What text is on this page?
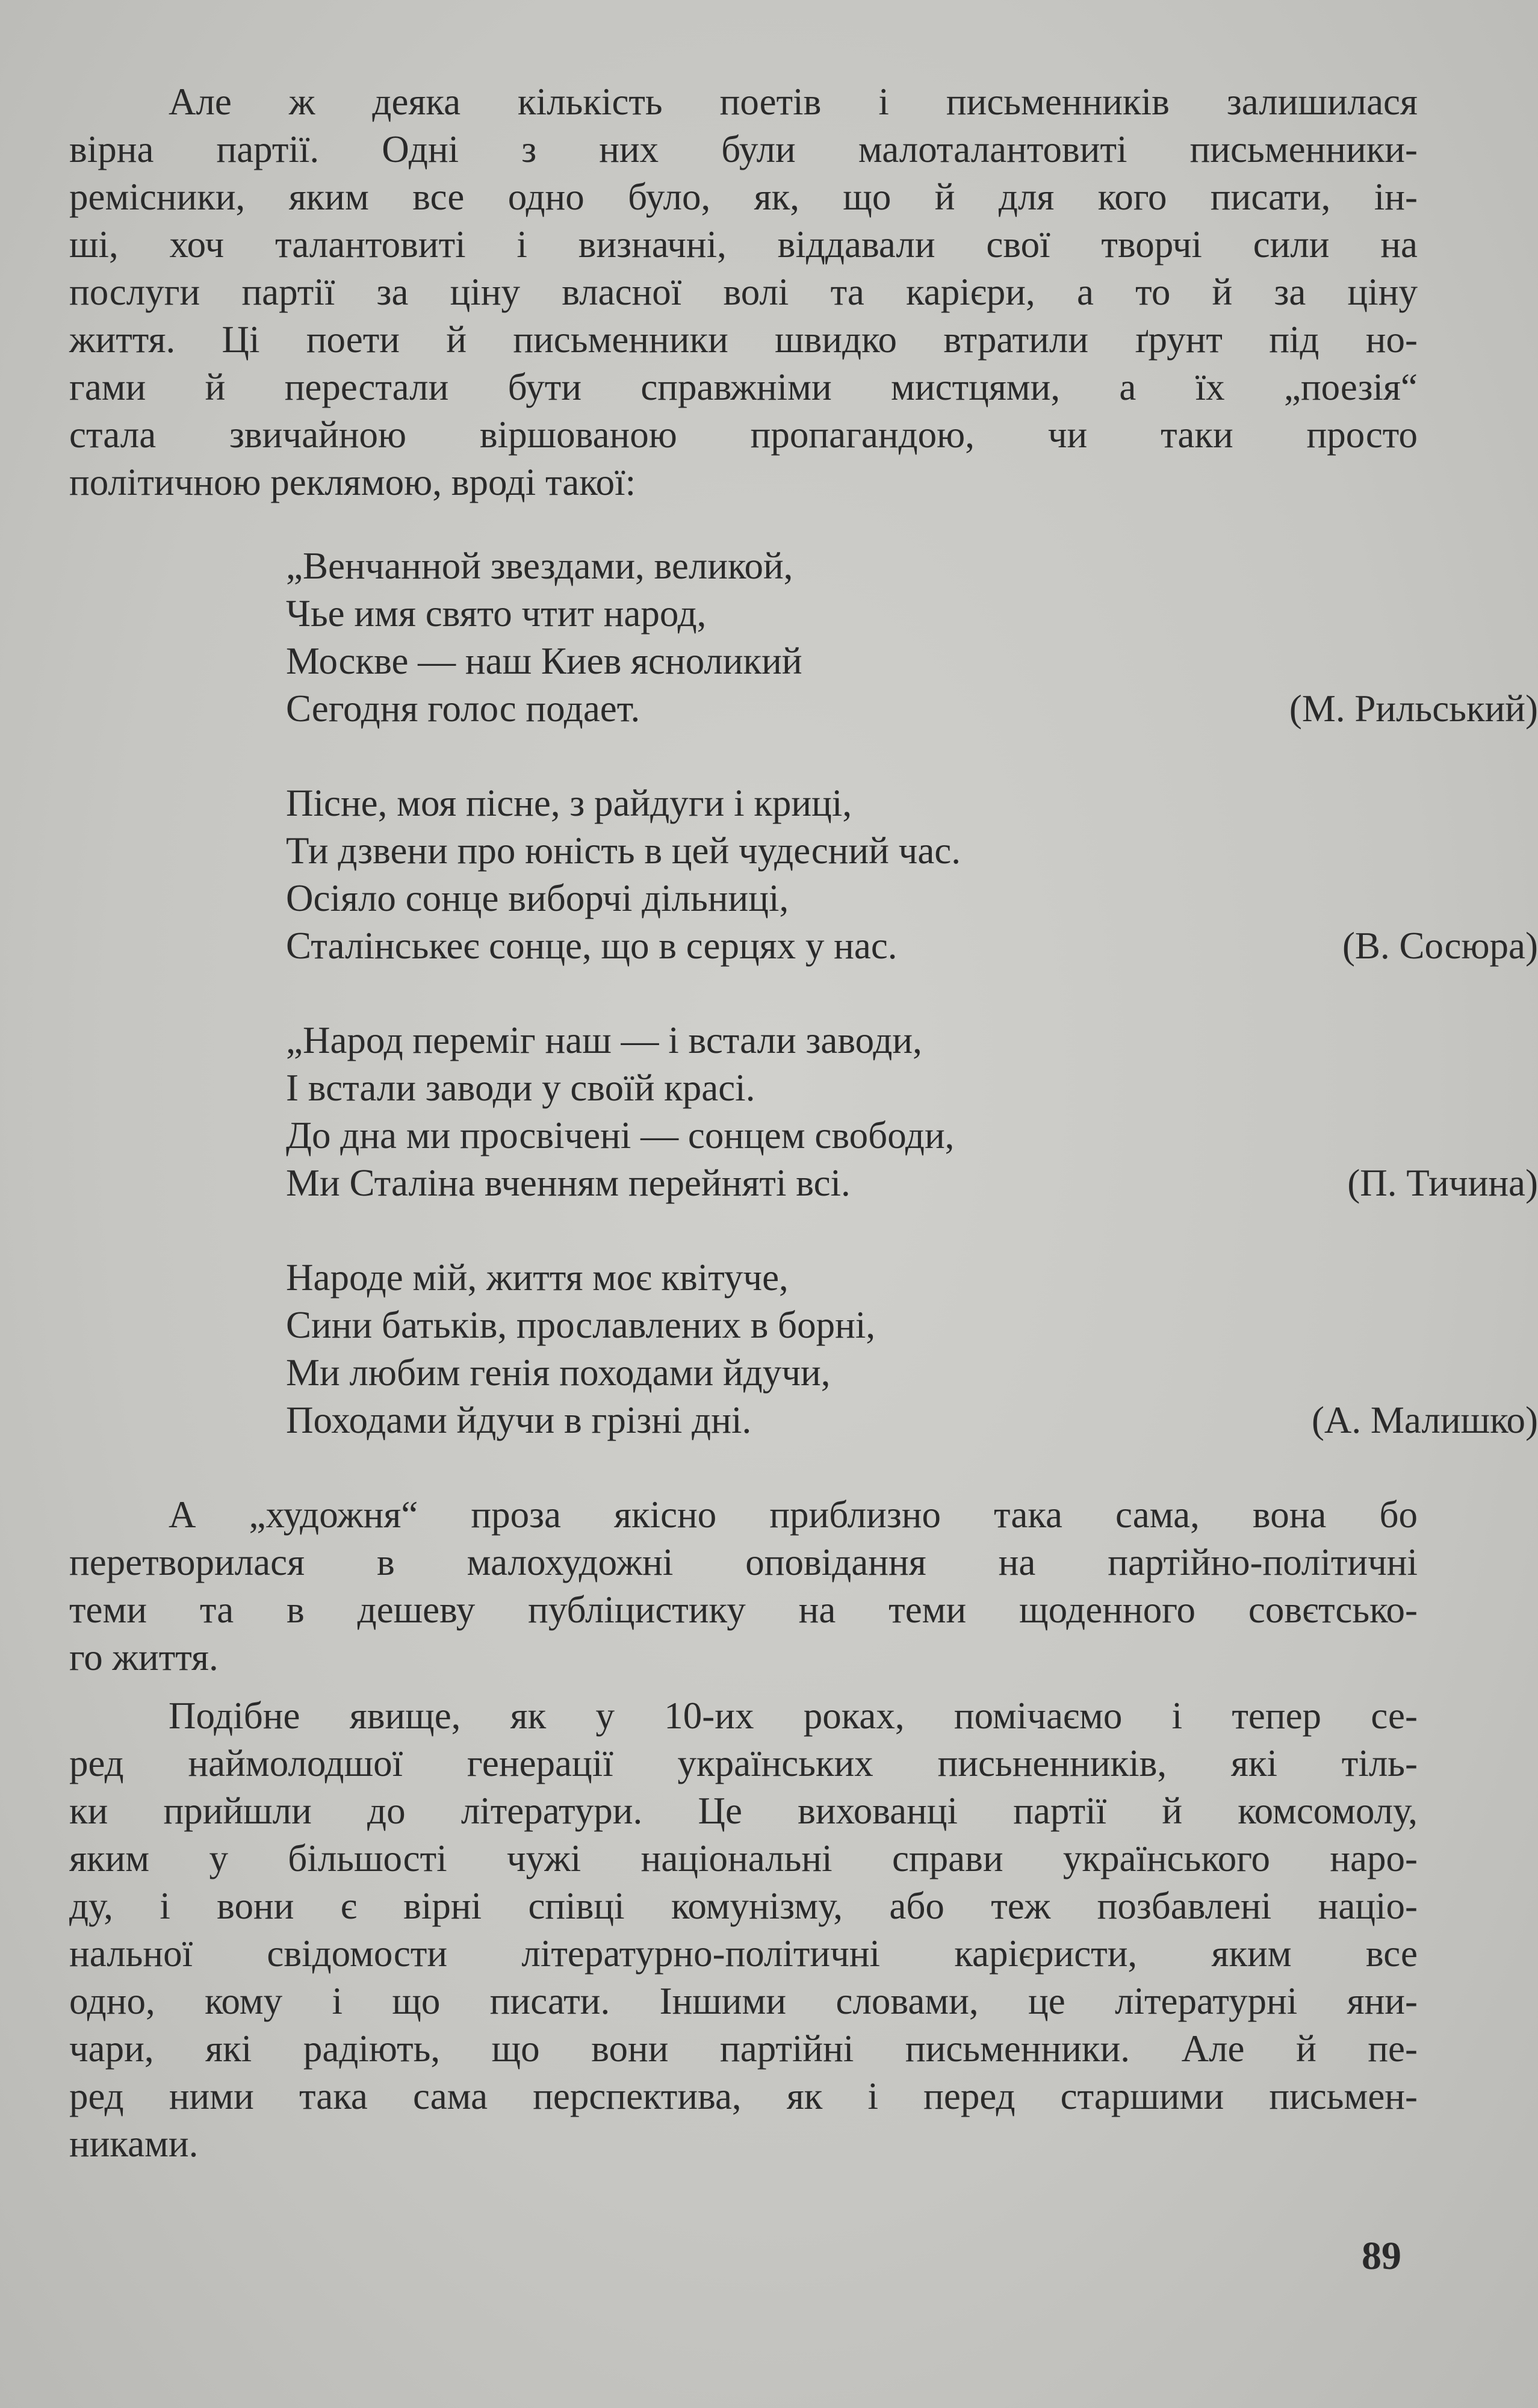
Але ж деяка кількість поетів і письменників залишилася
вірна партії. Одні з них були малоталантовиті письменники-
ремісники, яким все одно було, як, що й для кого писати, ін-
ші, хоч талантовиті і визначні, віддавали свої творчі сили на
послуги партії за ціну власної волі та карієри, а то й за ціну
життя. Ці поети й письменники швидко втратили ґрунт під но-
гами й перестали бути справжніми мистцями, а їх „поезія“
стала звичайною віршованою пропагандою, чи таки просто
політичною реклямою, вроді такої:

„Венчанной звездами, великой,
Чье имя свято чтит народ,
Москве — наш Киев ясноликий
Сегодня голос подает.	(М. Рильський)
Пісне, моя пісне, з райдуги і криці,
Ти дзвени про юність в цей чудесний час.
Осіяло сонце виборчі дільниці,
Сталінськеє сонце, що в серцях у нас.	(В. Сосюра)
„Народ переміг наш — і встали заводи,
І встали заводи у своїй красі.
До дна ми просвічені — сонцем свободи,
Ми Сталіна вченням перейняті всі.	(П. Тичина)
Народе мій, життя моє квітуче,
Сини батьків, прославлених в борні,
Ми любим генія походами йдучи,
Походами йдучи в грізні дні.	(А. Малишко)

А „художня“ проза якісно приблизно така сама, вона бо
перетворилася в малохудожні оповідання на партійно-політичні
теми та в дешеву публіцистику на теми щоденного совєтсько-
го життя.

Подібне явище, як у 10-их роках, помічаємо і тепер се-
ред наймолодшої генерації українських письненників, які тіль-
ки прийшли до літератури. Це вихованці партії й комсомолу,
яким у більшості чужі національні справи українського наро-
ду, і вони є вірні співці комунізму, або теж позбавлені націо-
нальної свідомости літературно-політичні карієристи, яким все
одно, кому і що писати. Іншими словами, це літературні яни-
чари, які радіють, що вони партійні письменники. Але й пе-
ред ними така сама перспектива, як і перед старшими письмен-
никами.

89
